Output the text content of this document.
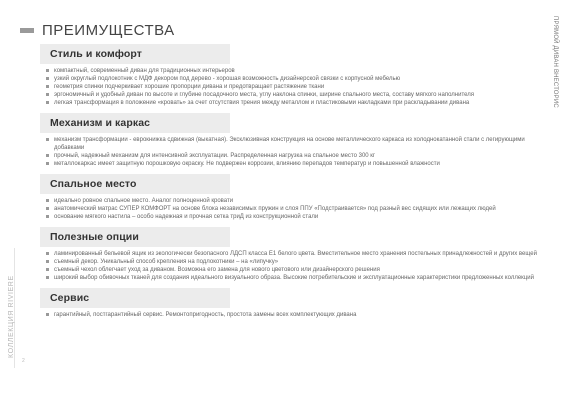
ПРЕИМУЩЕСТВА	ПРЯМОЙ ДИВАН ВНЕСТОРИС
КОЛЛЕКЦИЯ RIVIERE
2
Стиль и комфорт
компактный, современный диван для традиционных интерьеров
узкий округлый подлокотник с МДФ декором под дерево - хорошая возможность дизайнерской связки с корпусной мебелью
геометрия спинки подчеркивает хорошие пропорции дивана и предотвращает растяжение ткани
эргономичный и удобный диван по высоте и глубине посадочного места, углу наклона спинки, ширине спального места, составу мягкого наполнителя
легкая трансформация в положение «кровать» за счет отсутствия трения между металлом и пластиковыми накладками при раскладывании дивана
Механизм и каркас
механизм трансформации - еврокнижка сдвижная (выкатная). Эксклюзивная конструкция на основе металлического каркаса из холоднокатанной стали с легирующими добавками
прочный, надежный механизм для интенсивной эксплуатации. Распределенная нагрузка на спальное место 300 кг
металлокаркас имеет защитную порошковую окраску. Не подвержен коррозии, влиянию перепадов температур и повышенной влажности
Спальное место
идеально ровное спальное место. Аналог полноценной кровати
анатомический матрас СУПЕР КОМФОРТ на основе блока независимых пружин и слоя ППУ «Подстраивается» под разный вес сидящих или лежащих людей
основание мягкого настила – особо надежная и прочная сетка триД из конструкционной стали
Полезные опции
ламинированный бельевой ящик из экологически безопасного ЛДСП класса Е1 белого цвета. Вместительное место хранения постельных принадлежностей и других вещей
съемный декор. Уникальный способ крепления на подлокотники – на «липучку»
съемный чехол облегчает уход за диваном. Возможна его замена для нового цветового или дизайнерского решения
широкий выбор обивочных тканей для создания идеального визуального образа. Высокие потребительские и эксплуатационные характеристики предложенных коллекций
Сервис
гарантийный, постгарантийный сервис. Ремонтопригодность, простота замены всех комплектующих дивана
